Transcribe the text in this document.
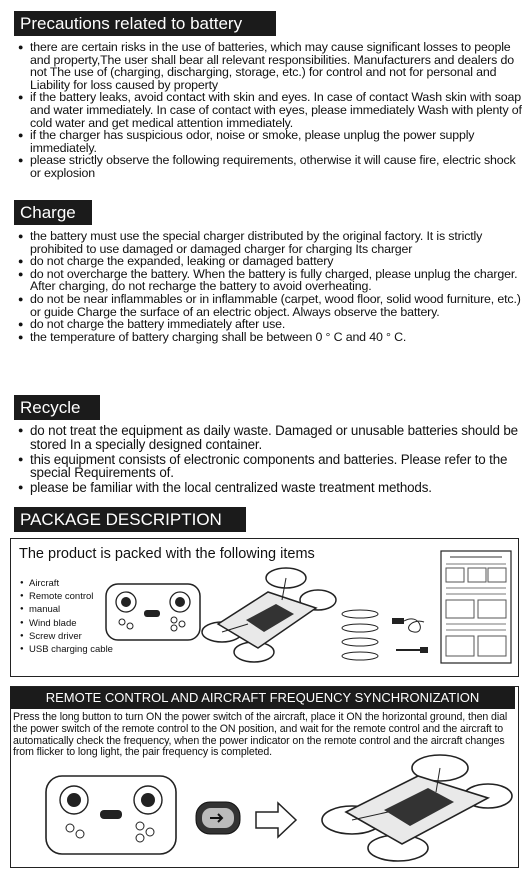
Precautions related to battery
● there are certain risks in the use of batteries, which may cause significant losses to people and property,The user shall bear all relevant responsibilities. Manufacturers and dealers do not The use of (charging, discharging, storage, etc.) for control and not for personal and Liability for loss caused by property
● if the battery leaks, avoid contact with skin and eyes. In case of contact Wash skin with soap and water immediately. In case of contact with eyes, please immediately Wash with plenty of cold water and get medical attention immediately.
● if the charger has suspicious odor, noise or smoke, please unplug the power supply immediately.
● please strictly observe the following requirements, otherwise it will cause fire, electric shock or explosion
Charge
● the battery must use the special charger distributed by the original factory. It is strictly prohibited to use damaged or damaged charger for charging Its charger
● do not charge the expanded, leaking or damaged battery
● do not overcharge the battery. When the battery is fully charged, please unplug the charger. After charging, do not recharge the battery to avoid overheating.
● do not be near inflammables or in inflammable (carpet, wood floor, solid wood furniture, etc.) or guide Charge the surface of an electric object. Always observe the battery.
● do not charge the battery immediately after use.
● the temperature of battery charging shall be between 0 ° C and 40 ° C.
Recycle
● do not treat the equipment as daily waste. Damaged or unusable batteries should be stored In a specially designed container.
● this equipment consists of electronic components and batteries. Please refer to the special Requirements of.
● please be familiar with the local centralized waste treatment methods.
PACKAGE DESCRIPTION
The product is packed with the following items
● Aircraft
● Remote control
● manual
● Wind blade
● Screw driver
● USB charging cable
REMOTE CONTROL AND AIRCRAFT FREQUENCY SYNCHRONIZATION
Press the long button to turn ON the power switch of the aircraft, place it ON the horizontal ground, then dial the power switch of the remote control to the ON position, and wait for the remote control and the aircraft to automatically check the frequency, when the power indicator on the remote control and the aircraft changes from flicker to long light, the pair frequency is completed.
